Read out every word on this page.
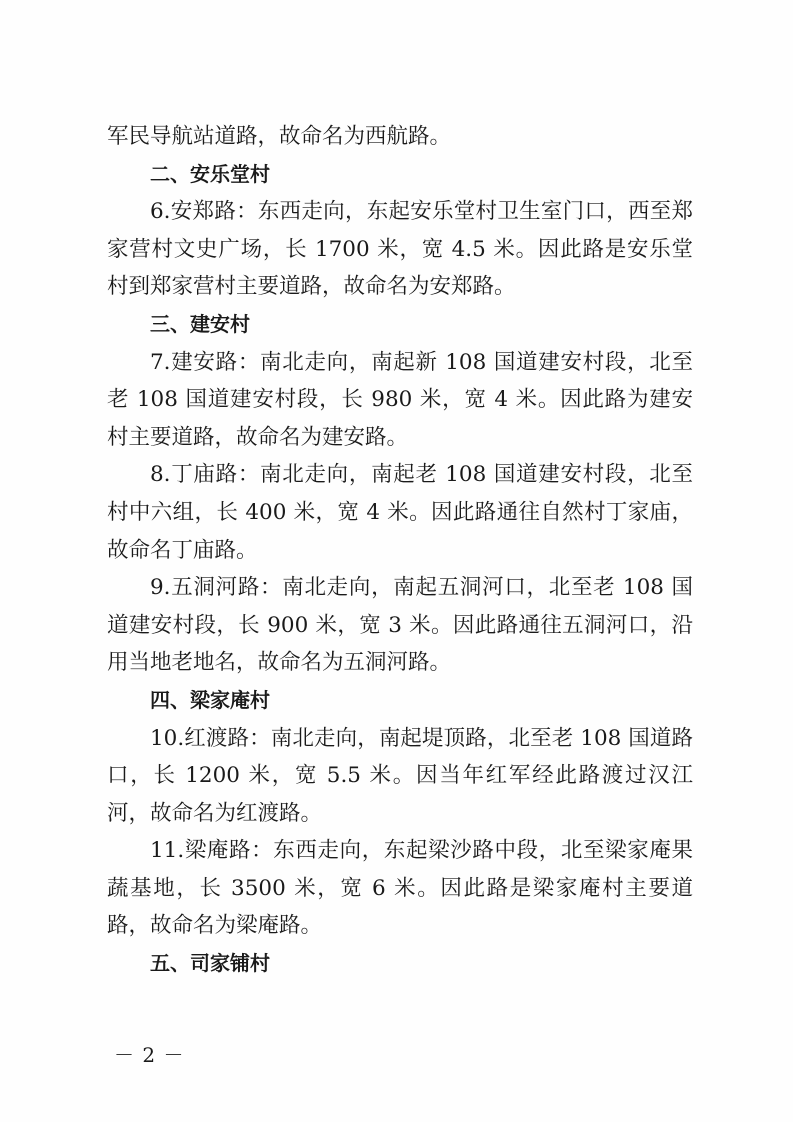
军民导航站道路，故命名为西航路。

二、安乐堂村

6.安郑路：东西走向，东起安乐堂村卫生室门口，西至郑家营村文史广场，长 1700 米，宽 4.5 米。因此路是安乐堂村到郑家营村主要道路，故命名为安郑路。

三、建安村

7.建安路：南北走向，南起新 108 国道建安村段，北至老 108 国道建安村段，长 980 米，宽 4 米。因此路为建安村主要道路，故命名为建安路。

8.丁庙路：南北走向，南起老 108 国道建安村段，北至村中六组，长 400 米，宽 4 米。因此路通往自然村丁家庙，故命名丁庙路。

9.五洞河路：南北走向，南起五洞河口，北至老 108 国道建安村段，长 900 米，宽 3 米。因此路通往五洞河口，沿用当地老地名，故命名为五洞河路。

四、梁家庵村

10.红渡路：南北走向，南起堤顶路，北至老 108 国道路口，长 1200 米，宽 5.5 米。因当年红军经此路渡过汉江河，故命名为红渡路。

11.梁庵路：东西走向，东起梁沙路中段，北至梁家庵果蔬基地，长 3500 米，宽 6 米。因此路是梁家庵村主要道路，故命名为梁庵路。

五、司家铺村

－ 2 －
